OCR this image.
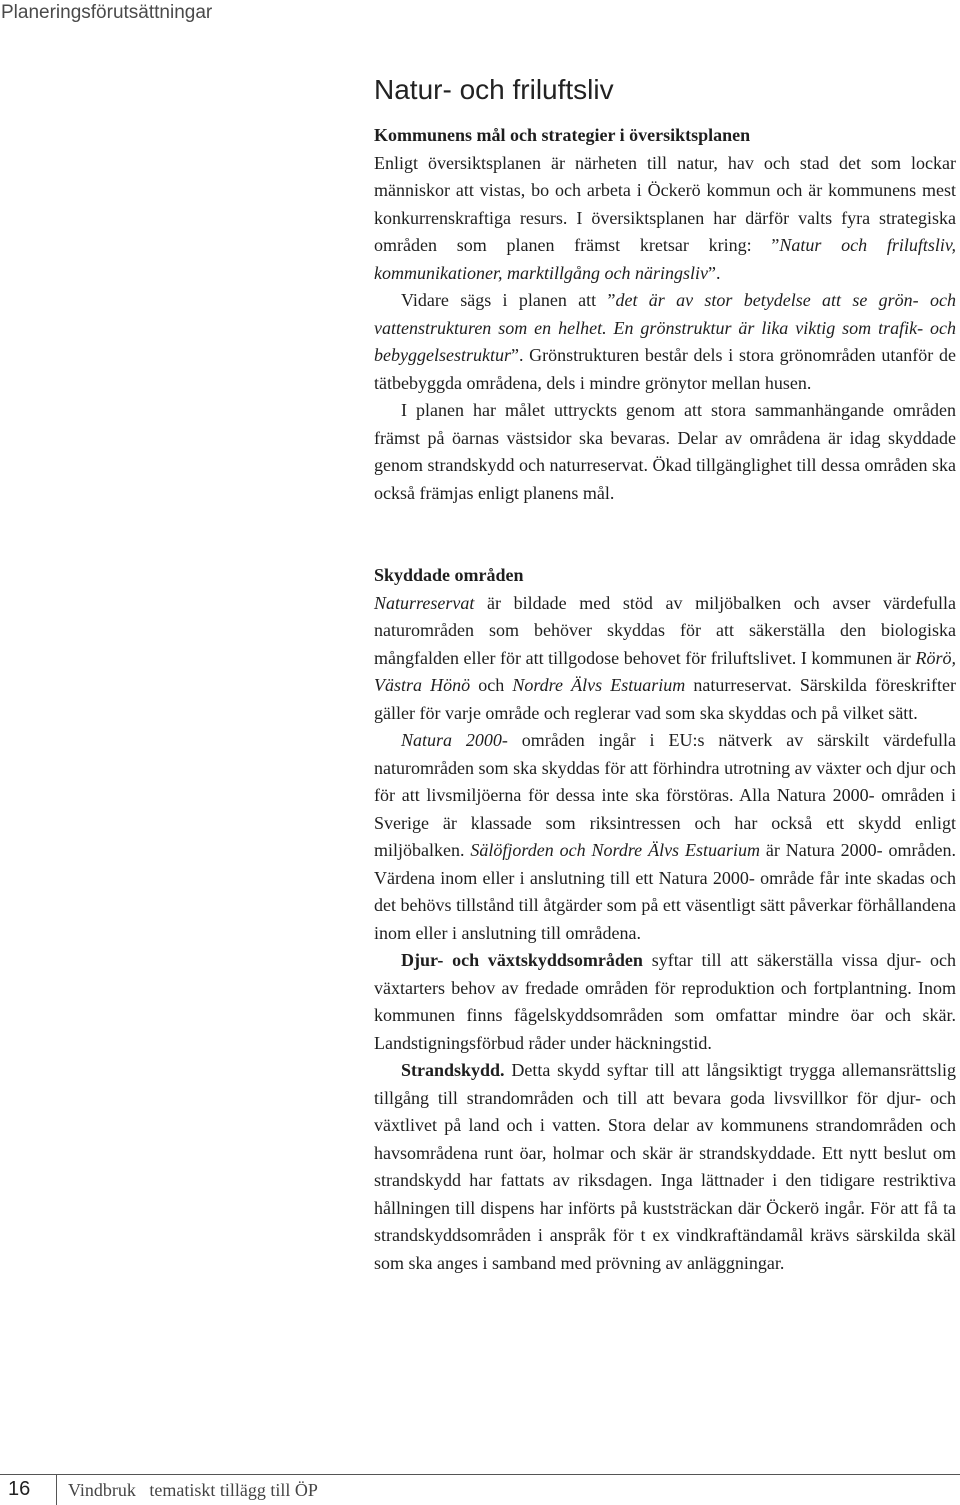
Planeringsförutsättningar
Natur- och friluftsliv
Kommunens mål och strategier i översiktsplanen

Enligt översiktsplanen är närheten till natur, hav och stad det som lockar människor att vistas, bo och arbeta i Öckerö kommun och är kommunens mest konkurrenskraftiga resurs. I översiktsplanen har därför valts fyra strategiska områden som planen främst kretsar kring: ”Natur och friluftsliv, kommunikationer, marktillgång och näringsliv”.

Vidare sägs i planen att ”det är av stor betydelse att se grön- och vattenstrukturen som en helhet. En grönstruktur är lika viktig som trafik- och bebyggelsestruktur”. Grönstrukturen består dels i stora grönområden utanför de tätbebyggda områdena, dels i mindre grönytor mellan husen.

I planen har målet uttryckts genom att stora sammanhängande områden främst på öarnas västsidor ska bevaras. Delar av områdena är idag skyddade genom strandskydd och naturreservat. Ökad tillgänglighet till dessa områden ska också främjas enligt planens mål.

Skyddade områden

Naturreservat är bildade med stöd av miljöbalken och avser värdefulla naturområden som behöver skyddas för att säkerställa den biologiska mångfalden eller för att tillgodose behovet för friluftslivet. I kommunen är Rörö, Västra Hönö och Nordre Älvs Estuarium naturreservat. Särskilda föreskrifter gäller för varje område och reglerar vad som ska skyddas och på vilket sätt.

Natura 2000- områden ingår i EU:s nätverk av särskilt värdefulla naturområden som ska skyddas för att förhindra utrotning av växter och djur och för att livsmiljöerna för dessa inte ska förstöras. Alla Natura 2000- områden i Sverige är klassade som riksintressen och har också ett skydd enligt miljöbalken. Sälöfjorden och Nordre Älvs Estuarium är Natura 2000- områden. Värdena inom eller i anslutning till ett Natura 2000- område får inte skadas och det behövs tillstånd till åtgärder som på ett väsentligt sätt påverkar förhållandena inom eller i anslutning till områdena.

Djur- och växtskyddsområden syftar till att säkerställa vissa djur- och växtarters behov av fredade områden för reproduktion och fortplantning. Inom kommunen finns fågelskyddsområden som omfattar mindre öar och skär. Landstigningsförbud råder under häckningstid.

Strandskydd. Detta skydd syftar till att långsiktigt trygga allemansrättslig tillgång till strandområden och till att bevara goda livsvillkor för djur- och växtlivet på land och i vatten. Stora delar av kommunens strandområden och havsområdena runt öar, holmar och skär är strandskyddade. Ett nytt beslut om strandskydd har fattats av riksdagen. Inga lättnader i den tidigare restriktiva hållningen till dispens har införts på kuststräckan där Öckerö ingår. För att få ta strandskyddsområden i anspråk för t ex vindkraftändamål krävs särskilda skäl som ska anges i samband med prövning av anläggningar.

16 Vindbruk   tematiskt tillägg till ÖP
